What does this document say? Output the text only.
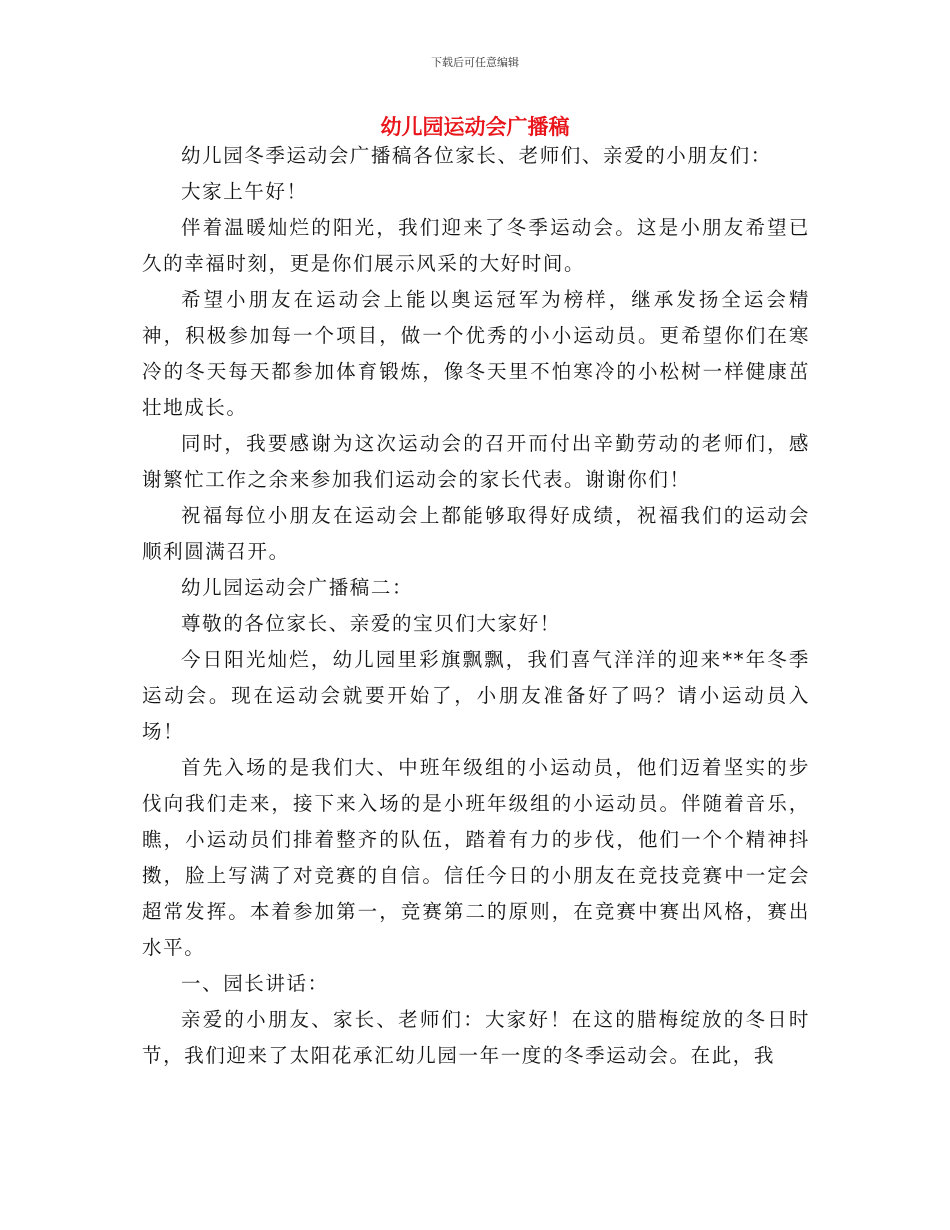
下载后可任意编辑
幼儿园运动会广播稿

幼儿园冬季运动会广播稿各位家长、老师们、亲爱的小朋友们：

大家上午好！

伴着温暖灿烂的阳光，我们迎来了冬季运动会。这是小朋友希望已久的幸福时刻，更是你们展示风采的大好时间。

希望小朋友在运动会上能以奥运冠军为榜样，继承发扬全运会精神，积极参加每一个项目，做一个优秀的小小运动员。更希望你们在寒冷的冬天每天都参加体育锻炼，像冬天里不怕寒冷的小松树一样健康茁壮地成长。

同时，我要感谢为这次运动会的召开而付出辛勤劳动的老师们，感谢繁忙工作之余来参加我们运动会的家长代表。谢谢你们！

祝福每位小朋友在运动会上都能够取得好成绩，祝福我们的运动会顺利圆满召开。

幼儿园运动会广播稿二：

尊敬的各位家长、亲爱的宝贝们大家好！

今日阳光灿烂，幼儿园里彩旗飘飘，我们喜气洋洋的迎来**年冬季运动会。现在运动会就要开始了，小朋友准备好了吗？请小运动员入场！

首先入场的是我们大、中班年级组的小运动员，他们迈着坚实的步伐向我们走来，接下来入场的是小班年级组的小运动员。伴随着音乐，瞧，小运动员们排着整齐的队伍，踏着有力的步伐，他们一个个精神抖擞，脸上写满了对竞赛的自信。信任今日的小朋友在竞技竞赛中一定会超常发挥。本着参加第一，竞赛第二的原则，在竞赛中赛出风格，赛出水平。

一、园长讲话：

亲爱的小朋友、家长、老师们：大家好！在这的腊梅绽放的冬日时节，我们迎来了太阳花承汇幼儿园一年一度的冬季运动会。在此，我
